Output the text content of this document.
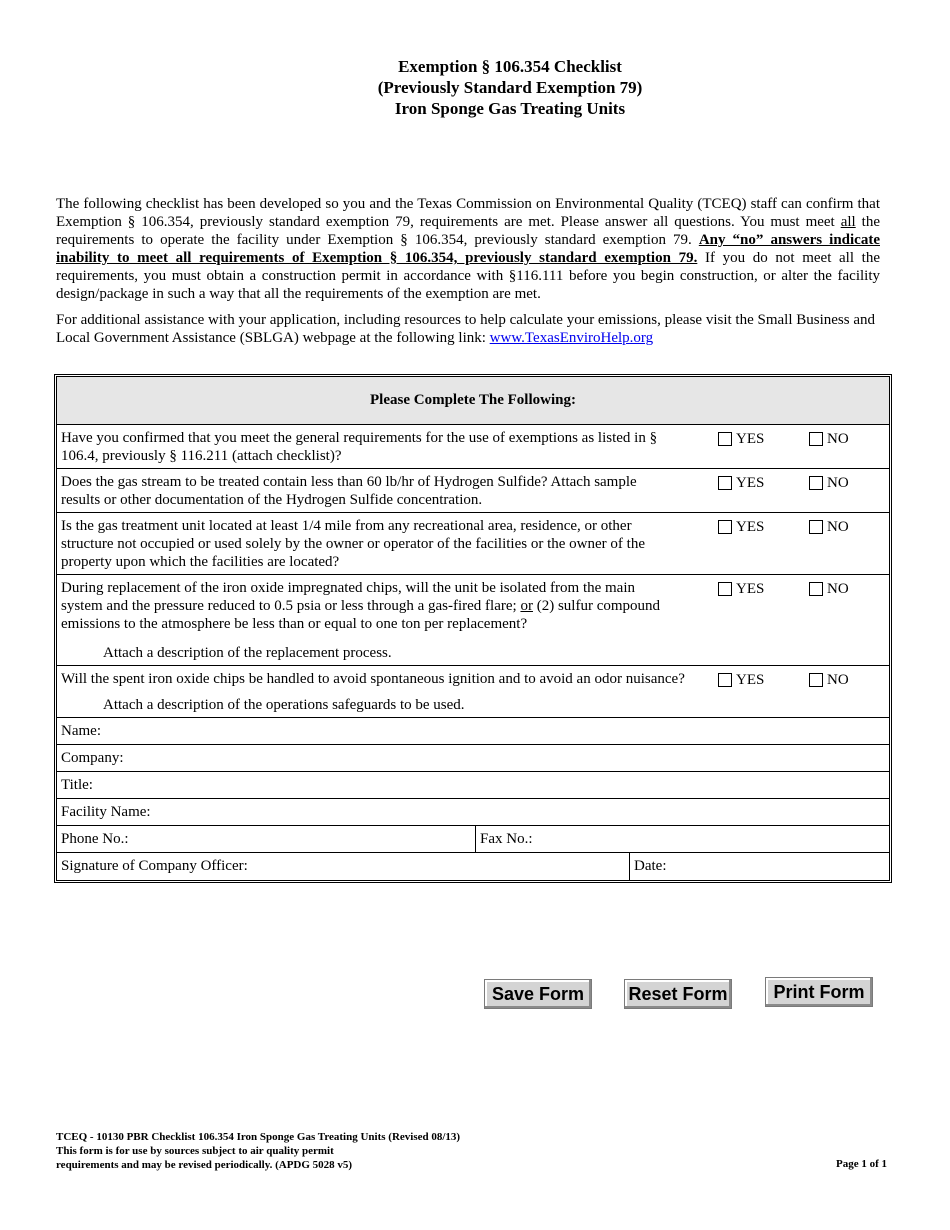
Exemption § 106.354 Checklist
(Previously Standard Exemption 79)
Iron Sponge Gas Treating Units

The following checklist has been developed so you and the Texas Commission on Environmental Quality (TCEQ) staff can confirm that Exemption § 106.354, previously standard exemption 79, requirements are met. Please answer all questions. You must meet all the requirements to operate the facility under Exemption § 106.354, previously standard exemption 79. Any “no” answers indicate inability to meet all requirements of Exemption § 106.354, previously standard exemption 79. If you do not meet all the requirements, you must obtain a construction permit in accordance with §116.111 before you begin construction, or alter the facility design/package in such a way that all the requirements of the exemption are met.

For additional assistance with your application, including resources to help calculate your emissions, please visit the Small Business and Local Government Assistance (SBLGA) webpage at the following link: www.TexasEnviroHelp.org

Please Complete The Following:
Have you confirmed that you meet the general requirements for the use of exemptions as listed in § 106.4, previously § 116.211 (attach checklist)?
YES	NO
Does the gas stream to be treated contain less than 60 lb/hr of Hydrogen Sulfide? Attach sample results or other documentation of the Hydrogen Sulfide concentration.
YES	NO
Is the gas treatment unit located at least 1/4 mile from any recreational area, residence, or other structure not occupied or used solely by the owner or operator of the facilities or the owner of the property upon which the facilities are located?
YES	NO
During replacement of the iron oxide impregnated chips, will the unit be isolated from the main system and the pressure reduced to 0.5 psia or less through a gas-fired flare; or (2) sulfur compound emissions to the atmosphere be less than or equal to one ton per replacement?
Attach a description of the replacement process.
YES	NO
Will the spent iron oxide chips be handled to avoid spontaneous ignition and to avoid an odor nuisance?
Attach a description of the operations safeguards to be used.
YES	NO
Name:
Company:
Title:
Facility Name:
Phone No.:	Fax No.:
Signature of Company Officer:	Date:
Save Form	Reset Form	Print Form
TCEQ - 10130 PBR Checklist 106.354 Iron Sponge Gas Treating Units (Revised 08/13)
This form is for use by sources subject to air quality permit
requirements and may be revised periodically. (APDG 5028 v5)	Page 1 of 1
